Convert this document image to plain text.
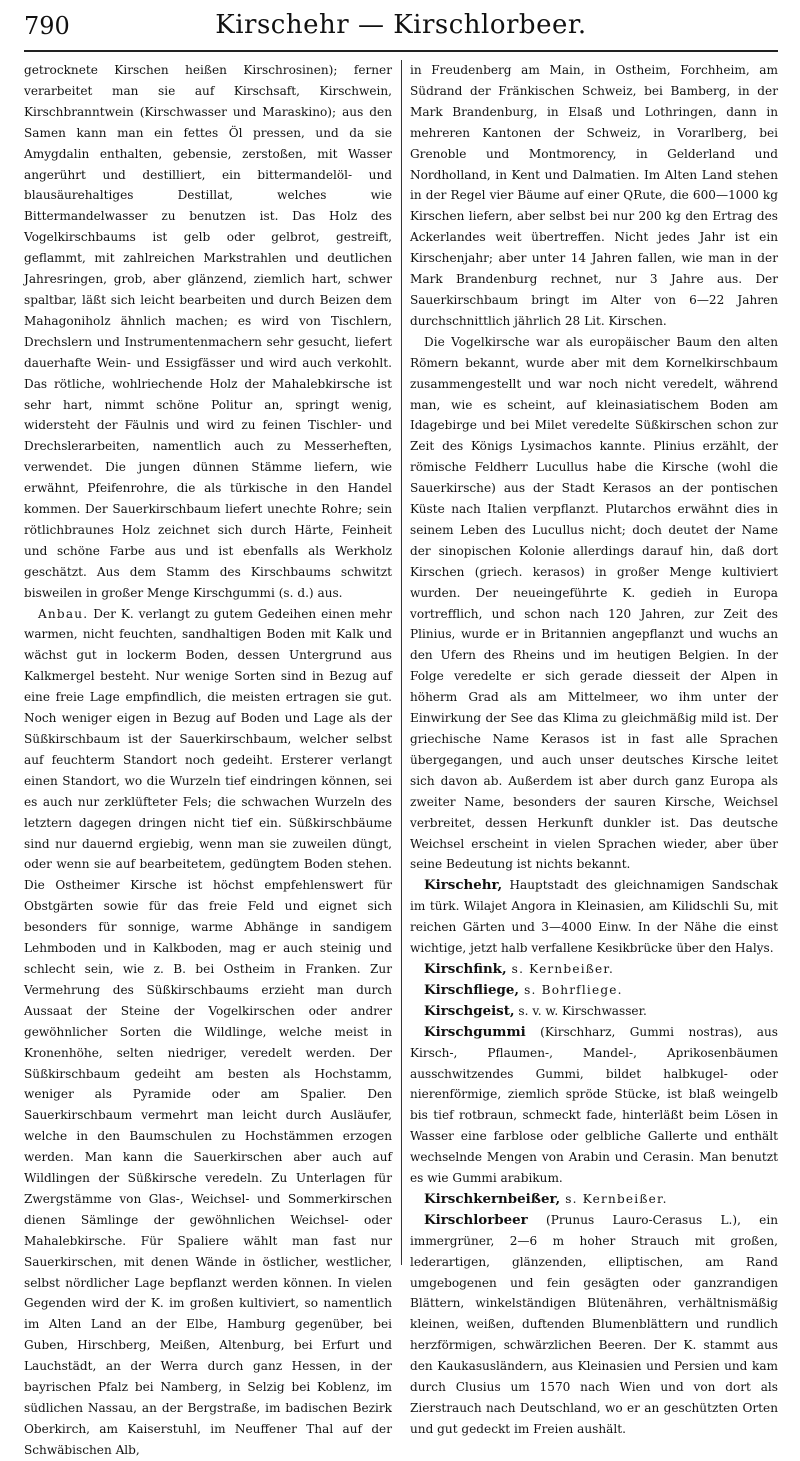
790	Kirschehr — Kirschlorbeer.

getrocknete Kirschen heißen Kirschrosinen); ferner verarbeitet man sie auf Kirschsaft, Kirschwein, Kirschbranntwein (Kirschwasser und Maraskino); aus den Samen kann man ein fettes Öl pressen, und da sie Amygdalin enthalten, gebensie, zerstoßen, mit Wasser angerührt und destilliert, ein bittermandelöl- und blausäurehaltiges Destillat, welches wie Bittermandelwasser zu benutzen ist. Das Holz des Vogelkirschbaums ist gelb oder gelbrot, gestreift, geflammt, mit zahlreichen Markstrahlen und deutlichen Jahresringen, grob, aber glänzend, ziemlich hart, schwer spaltbar, läßt sich leicht bearbeiten und durch Beizen dem Mahagoniholz ähnlich machen; es wird von Tischlern, Drechslern und Instrumentenmachern sehr gesucht, liefert dauerhafte Wein- und Essigfässer und wird auch verkohlt. Das rötliche, wohlriechende Holz der Mahalebkirsche ist sehr hart, nimmt schöne Politur an, springt wenig, widersteht der Fäulnis und wird zu feinen Tischler- und Drechslerarbeiten, namentlich auch zu Messerheften, verwendet. Die jungen dünnen Stämme liefern, wie erwähnt, Pfeifenrohre, die als türkische in den Handel kommen. Der Sauerkirschbaum liefert unechte Rohre; sein rötlichbraunes Holz zeichnet sich durch Härte, Feinheit und schöne Farbe aus und ist ebenfalls als Werkholz geschätzt. Aus dem Stamm des Kirschbaums schwitzt bisweilen in großer Menge Kirschgummi (s. d.) aus.

Anbau. Der K. verlangt zu gutem Gedeihen einen mehr warmen, nicht feuchten, sandhaltigen Boden mit Kalk und wächst gut in lockerm Boden, dessen Untergrund aus Kalkmergel besteht. Nur wenige Sorten sind in Bezug auf eine freie Lage empfindlich, die meisten ertragen sie gut. Noch weniger eigen in Bezug auf Boden und Lage als der Süßkirschbaum ist der Sauerkirschbaum, welcher selbst auf feuchterm Standort noch gedeiht. Ersterer verlangt einen Standort, wo die Wurzeln tief eindringen können, sei es auch nur zerklüfteter Fels; die schwachen Wurzeln des letztern dagegen dringen nicht tief ein. Süßkirschbäume sind nur dauernd ergiebig, wenn man sie zuweilen düngt, oder wenn sie auf bearbeitetem, gedüngtem Boden stehen. Die Ostheimer Kirsche ist höchst empfehlenswert für Obstgärten sowie für das freie Feld und eignet sich besonders für sonnige, warme Abhänge in sandigem Lehmboden und in Kalkboden, mag er auch steinig und schlecht sein, wie z. B. bei Ostheim in Franken. Zur Vermehrung des Süßkirschbaums erzieht man durch Aussaat der Steine der Vogelkirschen oder andrer gewöhnlicher Sorten die Wildlinge, welche meist in Kronenhöhe, selten niedriger, veredelt werden. Der Süßkirschbaum gedeiht am besten als Hochstamm, weniger als Pyramide oder am Spalier. Den Sauerkirschbaum vermehrt man leicht durch Ausläufer, welche in den Baumschulen zu Hochstämmen erzogen werden. Man kann die Sauerkirschen aber auch auf Wildlingen der Süßkirsche veredeln. Zu Unterlagen für Zwergstämme von Glas-, Weichsel- und Sommerkirschen dienen Sämlinge der gewöhnlichen Weichsel- oder Mahalebkirsche. Für Spaliere wählt man fast nur Sauerkirschen, mit denen Wände in östlicher, westlicher, selbst nördlicher Lage bepflanzt werden können. In vielen Gegenden wird der K. im großen kultiviert, so namentlich im Alten Land an der Elbe, Hamburg gegenüber, bei Guben, Hirschberg, Meißen, Altenburg, bei Erfurt und Lauchstädt, an der Werra durch ganz Hessen, in der bayrischen Pfalz bei Namberg, in Selzig bei Koblenz, im südlichen Nassau, an der Bergstraße, im badischen Bezirk Oberkirch, am Kaiserstuhl, im Neuffener Thal auf der Schwäbischen Alb,

in Freudenberg am Main, in Ostheim, Forchheim, am Südrand der Fränkischen Schweiz, bei Bamberg, in der Mark Brandenburg, in Elsaß und Lothringen, dann in mehreren Kantonen der Schweiz, in Vorarlberg, bei Grenoble und Montmorency, in Gelderland und Nordholland, in Kent und Dalmatien. Im Alten Land stehen in der Regel vier Bäume auf einer QRute, die 600—1000 kg Kirschen liefern, aber selbst bei nur 200 kg den Ertrag des Ackerlandes weit übertreffen. Nicht jedes Jahr ist ein Kirschenjahr; aber unter 14 Jahren fallen, wie man in der Mark Brandenburg rechnet, nur 3 Jahre aus. Der Sauerkirschbaum bringt im Alter von 6—22 Jahren durchschnittlich jährlich 28 Lit. Kirschen.

Die Vogelkirsche war als europäischer Baum den alten Römern bekannt, wurde aber mit dem Kornelkirschbaum zusammengestellt und war noch nicht veredelt, während man, wie es scheint, auf kleinasiatischem Boden am Idagebirge und bei Milet veredelte Süßkirschen schon zur Zeit des Königs Lysimachos kannte. Plinius erzählt, der römische Feldherr Lucullus habe die Kirsche (wohl die Sauerkirsche) aus der Stadt Kerasos an der pontischen Küste nach Italien verpflanzt. Plutarchos erwähnt dies in seinem Leben des Lucullus nicht; doch deutet der Name der sinopischen Kolonie allerdings darauf hin, daß dort Kirschen (griech. kerasos) in großer Menge kultiviert wurden. Der neueingeführte K. gedieh in Europa vortrefflich, und schon nach 120 Jahren, zur Zeit des Plinius, wurde er in Britannien angepflanzt und wuchs an den Ufern des Rheins und im heutigen Belgien. In der Folge veredelte er sich gerade diesseit der Alpen in höherm Grad als am Mittelmeer, wo ihm unter der Einwirkung der See das Klima zu gleichmäßig mild ist. Der griechische Name Kerasos ist in fast alle Sprachen übergegangen, und auch unser deutsches Kirsche leitet sich davon ab. Außerdem ist aber durch ganz Europa als zweiter Name, besonders der sauren Kirsche, Weichsel verbreitet, dessen Herkunft dunkler ist. Das deutsche Weichsel erscheint in vielen Sprachen wieder, aber über seine Bedeutung ist nichts bekannt.

Kirschehr, Hauptstadt des gleichnamigen Sandschak im türk. Wilajet Angora in Kleinasien, am Kilidschli Su, mit reichen Gärten und 3—4000 Einw. In der Nähe die einst wichtige, jetzt halb verfallene Kesikbrücke über den Halys.

Kirschfink, s. Kernbeißer.

Kirschfliege, s. Bohrfliege.

Kirschgeist, s. v. w. Kirschwasser.

Kirschgummi (Kirschharz, Gummi nostras), aus Kirsch-, Pflaumen-, Mandel-, Aprikosenbäumen ausschwitzendes Gummi, bildet halbkugel- oder nierenförmige, ziemlich spröde Stücke, ist blaß weingelb bis tief rotbraun, schmeckt fade, hinterläßt beim Lösen in Wasser eine farblose oder gelbliche Gallerte und enthält wechselnde Mengen von Arabin und Cerasin. Man benutzt es wie Gummi arabikum.

Kirschkernbeißer, s. Kernbeißer.

Kirschlorbeer (Prunus Lauro-Cerasus L.), ein immergrüner, 2—6 m hoher Strauch mit großen, lederartigen, glänzenden, elliptischen, am Rand umgebogenen und fein gesägten oder ganzrandigen Blättern, winkelständigen Blütenähren, verhältnismäßig kleinen, weißen, duftenden Blumenblättern und rundlich herzförmigen, schwärzlichen Beeren. Der K. stammt aus den Kaukasusländern, aus Kleinasien und Persien und kam durch Clusius um 1570 nach Wien und von dort als Zierstrauch nach Deutschland, wo er an geschützten Orten und gut gedeckt im Freien aushält.
